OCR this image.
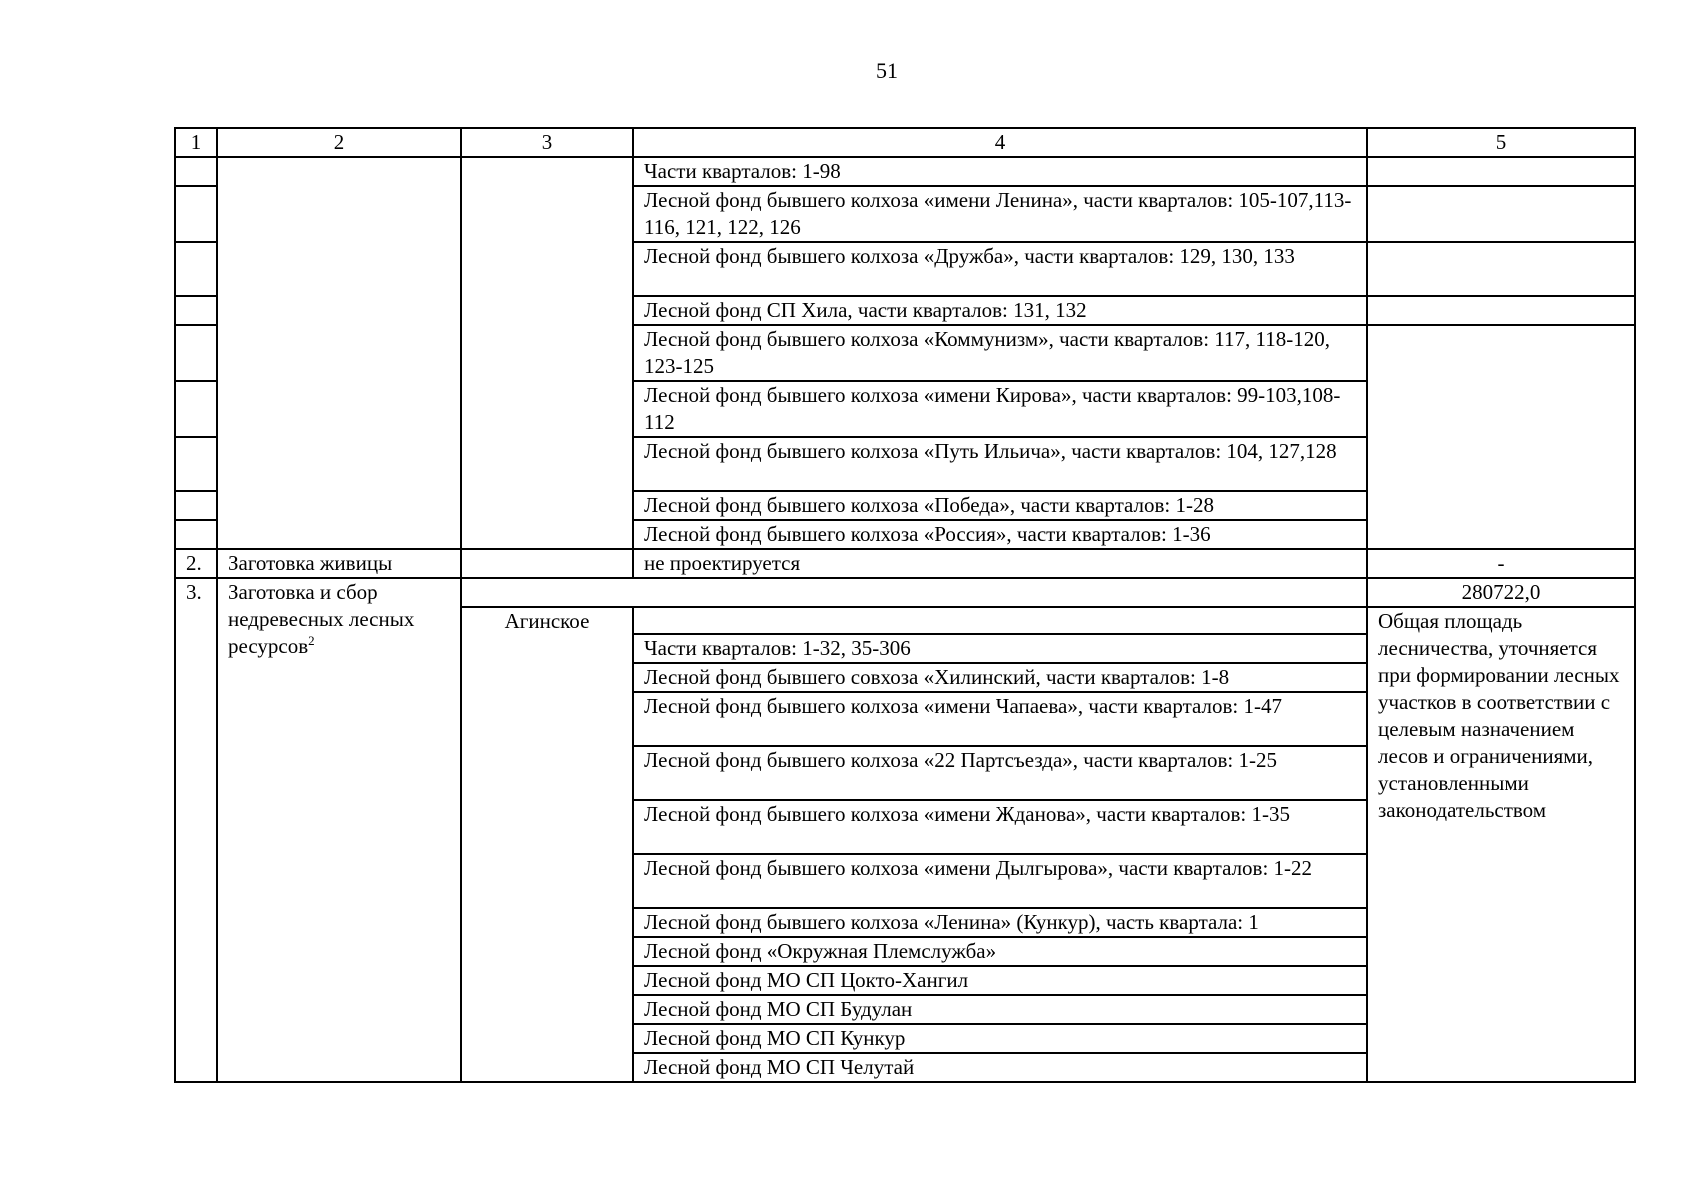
51
1	2	3	4	5
			Части кварталов: 1-98	
			Лесной фонд бывшего колхоза «имени Ленина», части кварталов: 105-107,113-116, 121, 122, 126	
			Лесной фонд бывшего колхоза «Дружба», части кварталов: 129, 130, 133	
			Лесной фонд СП Хила, части кварталов: 131, 132	
			Лесной фонд бывшего колхоза «Коммунизм», части кварталов: 117, 118-120, 123-125	
			Лесной фонд бывшего колхоза «имени Кирова», части кварталов: 99-103,108-112	
			Лесной фонд бывшего колхоза «Путь Ильича», части кварталов: 104, 127,128	
			Лесной фонд бывшего колхоза «Победа», части кварталов: 1-28	
			Лесной фонд бывшего колхоза «Россия», части кварталов: 1-36	
2.	Заготовка живицы		не проектируется	-
3.	Заготовка и сбор недревесных лесных ресурсов$^2$			280722,0
		Агинское		Общая площадь лесничества, уточняется при формировании лесных участков в соответствии с целевым назначением лесов и ограничениями, установленными законодательством
			Части кварталов: 1-32, 35-306	
			Лесной фонд бывшего совхоза «Хилинский, части кварталов: 1-8	
			Лесной фонд бывшего колхоза «имени Чапаева», части кварталов: 1-47	
			Лесной фонд бывшего колхоза «22 Партсъезда», части кварталов: 1-25	
			Лесной фонд бывшего колхоза «имени Жданова», части кварталов: 1-35	
			Лесной фонд бывшего колхоза «имени Дылгырова», части кварталов: 1-22	
			Лесной фонд бывшего колхоза «Ленина» (Кункур), часть квартала: 1	
			Лесной фонд «Окружная Племслужба»	
			Лесной фонд МО СП Цокто-Хангил	
			Лесной фонд МО СП Будулан	
			Лесной фонд МО СП Кункур	
			Лесной фонд МО СП Челутай	
